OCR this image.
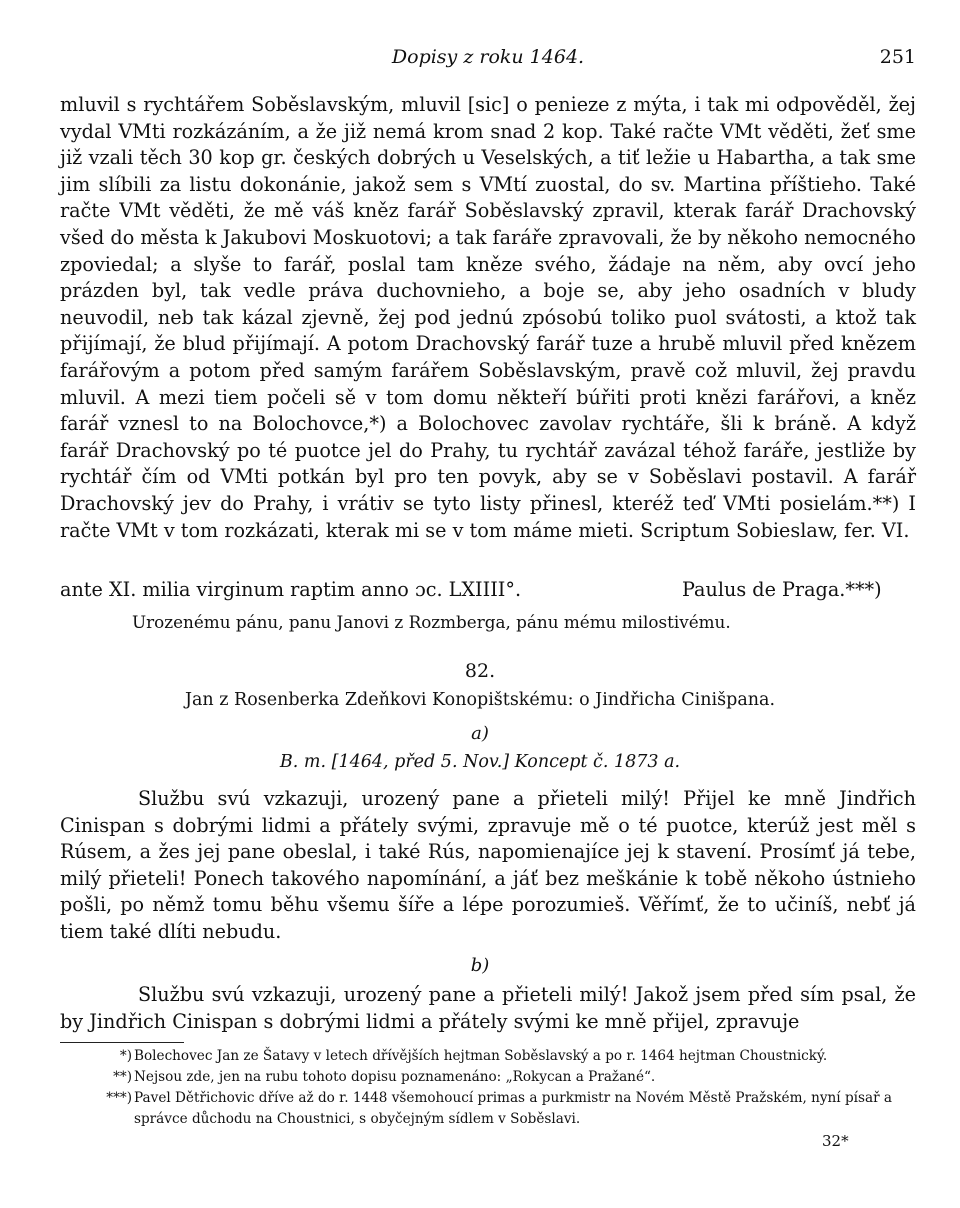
Dopisy z roku 1464.	251

mluvil s rychtářem Soběslavským, mluvil [sic] o penieze z mýta, i tak mi odpověděl, žej vydal VMti rozkázáním, a že již nemá krom snad 2 kop. Také račte VMt věděti, žeť sme již vzali těch 30 kop gr. českých dobrých u Veselských, a tiť ležie u Habartha, a tak sme jim slíbili za listu dokonánie, jakož sem s VMtí zuostal, do sv. Martina příštieho. Také račte VMt věděti, že mě váš kněz farář Soběslavský zpravil, kterak farář Drachovský všed do města k Jakubovi Moskuotovi; a tak faráře zpravovali, že by někoho nemocného zpoviedal; a slyše to farář, poslal tam kněze svého, žádaje na něm, aby ovcí jeho prázden byl, tak vedle práva duchovnieho, a boje se, aby jeho osadních v bludy neuvodil, neb tak kázal zjevně, žej pod jednú zpósobú toliko puol svátosti, a ktož tak přijímají, že blud přijímají. A potom Drachovský farář tuze a hrubě mluvil před knězem farářovým a potom před samým farářem Soběslavským, pravě což mluvil, žej pravdu mluvil. A mezi tiem počeli sě v tom domu někteří búřiti proti knězi farářovi, a kněz farář vznesl to na Bolochovce,*) a Bolochovec zavolav rychtáře, šli k bráně. A když farář Drachovský po té puotce jel do Prahy, tu rychtář zavázal téhož faráře, jestliže by rychtář čím od VMti potkán byl pro ten povyk, aby se v Soběslavi postavil. A farář Drachovský jev do Prahy, i vrátiv se tyto listy přinesl, kteréž teď VMti posielám.**) I račte VMt v tom rozkázati, kterak mi se v tom máme mieti. Scriptum Sobieslaw, fer. VI.

ante XI. milia virginum raptim anno ɔc. LXIIII°.	Paulus de Praga.***)
Urozenému pánu, panu Janovi z Rozmberga, pánu mému milostivému.
82.
Jan z Rosenberka Zdeňkovi Konopištskému: o Jindřicha Cinišpana.
a)
B. m. [1464, před 5. Nov.] Koncept č. 1873 a.

Službu svú vzkazuji, urozený pane a přieteli milý! Přijel ke mně Jindřich Cinispan s dobrými lidmi a přátely svými, zpravuje mě o té puotce, kterúž jest měl s Rúsem, a žes jej pane obeslal, i také Rús, napomienajíce jej k stavení. Prosímť já tebe, milý přieteli! Ponech takového napomínání, a jáť bez meškánie k tobě někoho ústnieho pošli, po němž tomu běhu všemu šíře a lépe porozumieš. Věřímť, že to učiníš, nebť já tiem také dlíti nebudu.

b)

Službu svú vzkazuji, urozený pane a přieteli milý! Jakož jsem před sím psal, že by Jindřich Cinispan s dobrými lidmi a přátely svými ke mně přijel, zpravuje

*) Bolechovec Jan ze Šatavy v letech dřívějších hejtman Soběslavský a po r. 1464 hejtman Choustnický.
**) Nejsou zde, jen na rubu tohoto dopisu poznamenáno: „Rokycan a Pražané“.
***) Pavel Dětřichovic dříve až do r. 1448 všemohoucí primas a purkmistr na Novém Městě Pražském, nyní písař a správce důchodu na Choustnici, s obyčejným sídlem v Soběslavi.
32*
